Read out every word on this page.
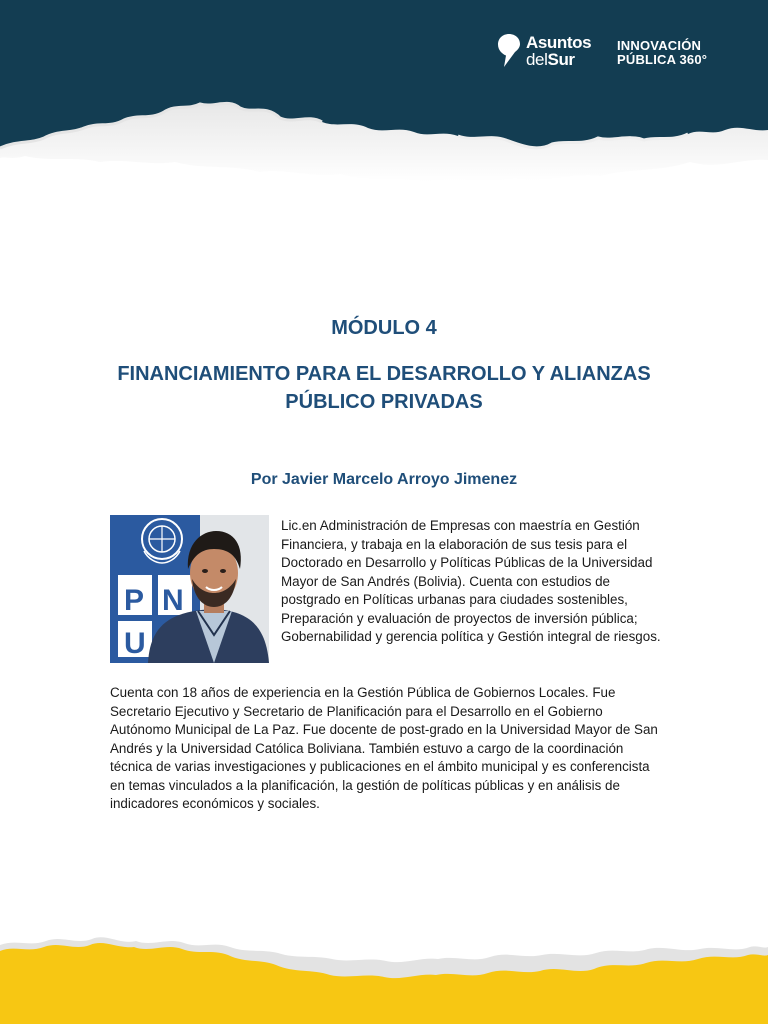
Asuntos
delSur
INNOVACIÓN
PÚBLICA 360°
MÓDULO 4
FINANCIAMIENTO PARA EL DESARROLLO Y ALIANZAS PÚBLICO PRIVADAS
Por Javier Marcelo Arroyo Jimenez
P N
U

Lic.en Administración de Empresas con maestría en Gestión Financiera, y trabaja en la elaboración de sus tesis para el Doctorado en Desarrollo y Políticas Públicas de la Universidad Mayor de San Andrés (Bolivia). Cuenta con estudios de postgrado en Políticas urbanas para ciudades sostenibles, Preparación y evaluación de proyectos de inversión pública; Gobernabilidad y gerencia política y Gestión integral de riesgos.

Cuenta con 18 años de experiencia en la Gestión Pública de Gobiernos Locales. Fue Secretario Ejecutivo y Secretario de Planificación para el Desarrollo en el Gobierno Autónomo Municipal de La Paz. Fue docente de post-grado en la Universidad Mayor de San Andrés y la Universidad Católica Boliviana. También estuvo a cargo de la coordinación técnica de varias investigaciones y publicaciones en el ámbito municipal y es conferencista en temas vinculados a la planificación, la gestión de políticas públicas y en análisis de indicadores económicos y sociales.
